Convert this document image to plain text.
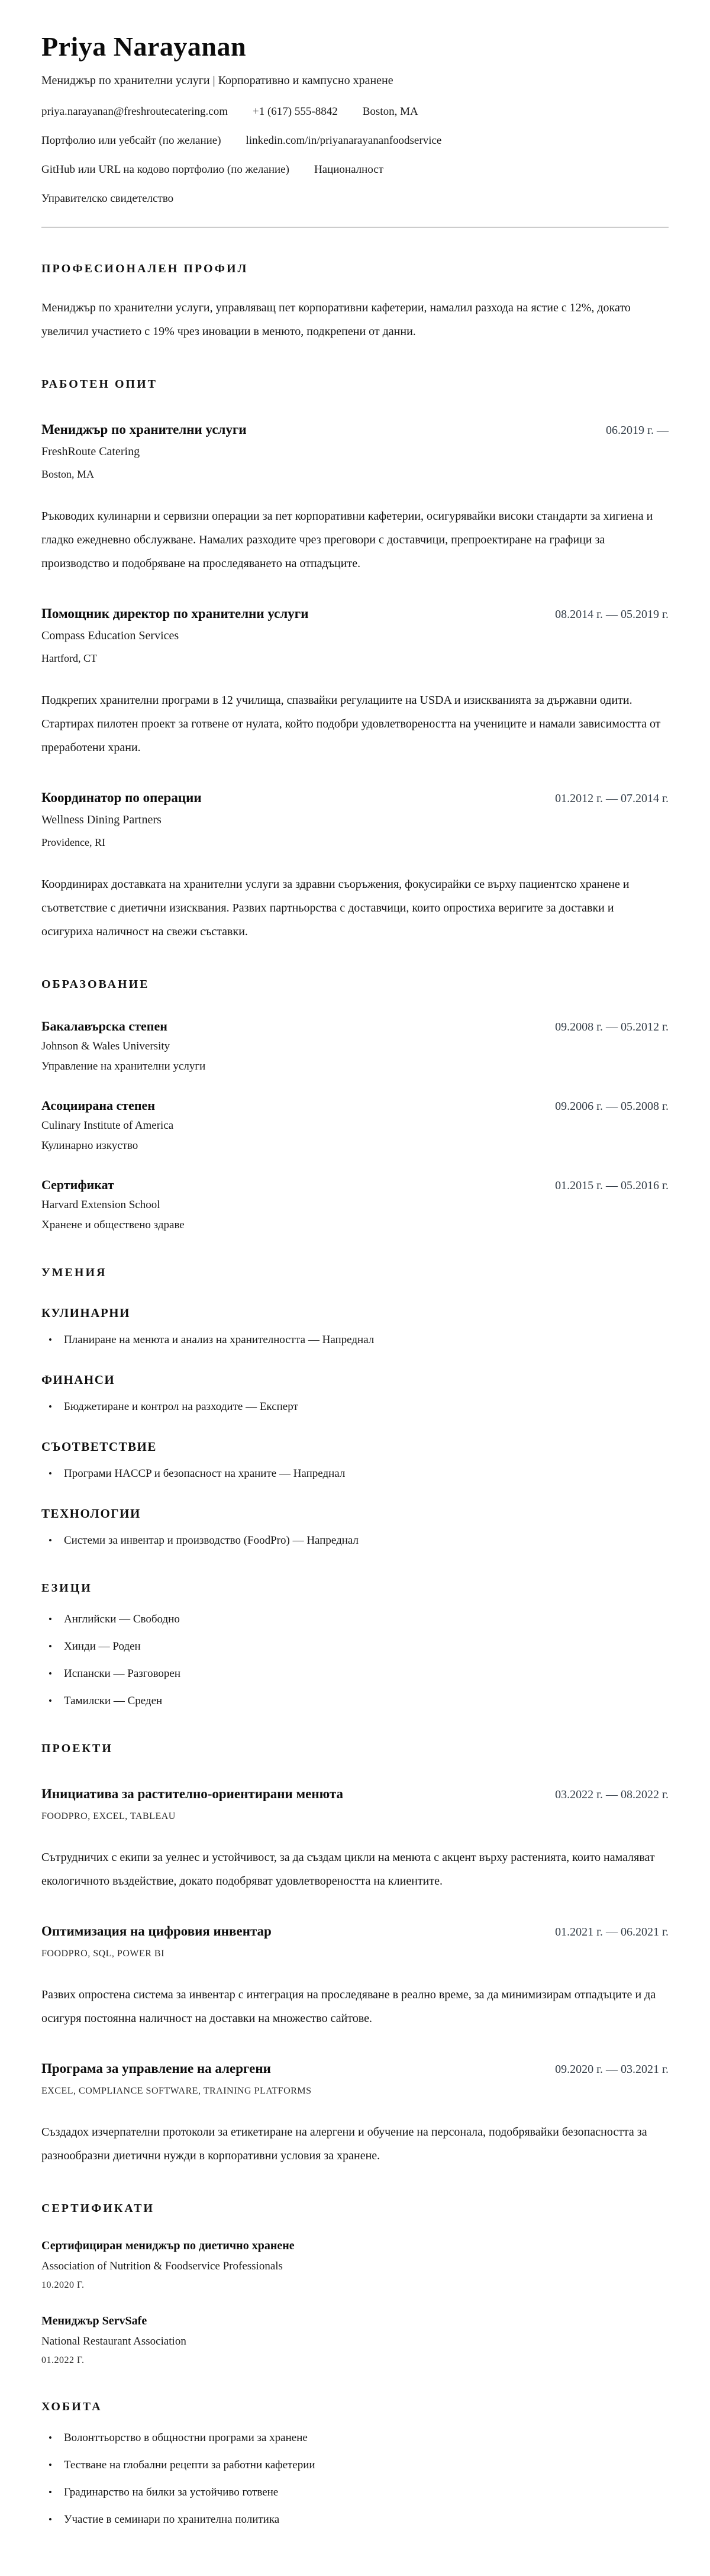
Priya Narayanan
Мениджър по хранителни услуги | Корпоративно и кампусно хранене
priya.narayanan@freshroutecatering.com +1 (617) 555-8842 Boston, MA
Портфолио или уебсайт (по желание) linkedin.com/in/priyanarayananfoodservice
GitHub или URL на кодово портфолио (по желание) Националност
Управителско свидетелство
ПРОФЕСИОНАЛЕН ПРОФИЛ

Мениджър по хранителни услуги, управляващ пет корпоративни кафетерии, намалил разхода на ястие с 12%, докато увеличил участието с 19% чрез иновации в менюто, подкрепени от данни.

РАБОТЕН ОПИТ
Мениджър по хранителни услуги	06.2019 г. —
FreshRoute Catering
Boston, MA

Ръководих кулинарни и сервизни операции за пет корпоративни кафетерии, осигурявайки високи стандарти за хигиена и гладко ежедневно обслужване. Намалих разходите чрез преговори с доставчици, препроектиране на графици за производство и подобряване на проследяването на отпадъците.

Помощник директор по хранителни услуги	08.2014 г. — 05.2019 г.
Compass Education Services
Hartford, CT

Подкрепих хранителни програми в 12 училища, спазвайки регулациите на USDA и изискванията за държавни одити. Стартирах пилотен проект за готвене от нулата, който подобри удовлетвореността на учениците и намали зависимостта от преработени храни.

Координатор по операции	01.2012 г. — 07.2014 г.
Wellness Dining Partners
Providence, RI

Координирах доставката на хранителни услуги за здравни съоръжения, фокусирайки се върху пациентско хранене и съответствие с диетични изисквания. Развих партньорства с доставчици, които опростиха веригите за доставки и осигуриха наличност на свежи съставки.

ОБРАЗОВАНИЕ
Бакалавърска степен	09.2008 г. — 05.2012 г.
Johnson & Wales University
Управление на хранителни услуги
Асоциирана степен	09.2006 г. — 05.2008 г.
Culinary Institute of America
Кулинарно изкуство
Сертификат	01.2015 г. — 05.2016 г.
Harvard Extension School
Хранене и обществено здраве
УМЕНИЯ
КУЛИНАРНИ
• Планиране на менюта и анализ на хранителността — Напреднал
ФИНАНСИ
• Бюджетиране и контрол на разходите — Експерт
СЪОТВЕТСТВИЕ
• Програми HACCP и безопасност на храните — Напреднал
ТЕХНОЛОГИИ
• Системи за инвентар и производство (FoodPro) — Напреднал
ЕЗИЦИ
• Английски — Свободно
• Хинди — Роден
• Испански — Разговорен
• Тамилски — Среден
ПРОЕКТИ
Инициатива за растително-ориентирани менюта	03.2022 г. — 08.2022 г.
FOODPRO, EXCEL, TABLEAU

Сътрудничих с екипи за уелнес и устойчивост, за да създам цикли на менюта с акцент върху растенията, които намаляват екологичното въздействие, докато подобряват удовлетвореността на клиентите.

Оптимизация на цифровия инвентар	01.2021 г. — 06.2021 г.
FOODPRO, SQL, POWER BI

Развих опростена система за инвентар с интеграция на проследяване в реално време, за да минимизирам отпадъците и да осигуря постоянна наличност на доставки на множество сайтове.

Програма за управление на алергени	09.2020 г. — 03.2021 г.
EXCEL, COMPLIANCE SOFTWARE, TRAINING PLATFORMS

Създадох изчерпателни протоколи за етикетиране на алергени и обучение на персонала, подобрявайки безопасността за разнообразни диетични нужди в корпоративни условия за хранене.

СЕРТИФИКАТИ
Сертифициран мениджър по диетично хранене
Association of Nutrition & Foodservice Professionals
10.2020 Г.
Мениджър ServSafe
National Restaurant Association
01.2022 Г.
ХОБИТА
• Волонттьорство в общностни програми за хранене
• Тестване на глобални рецепти за работни кафетерии
• Градинарство на билки за устойчиво готвене
• Участие в семинари по хранителна политика
